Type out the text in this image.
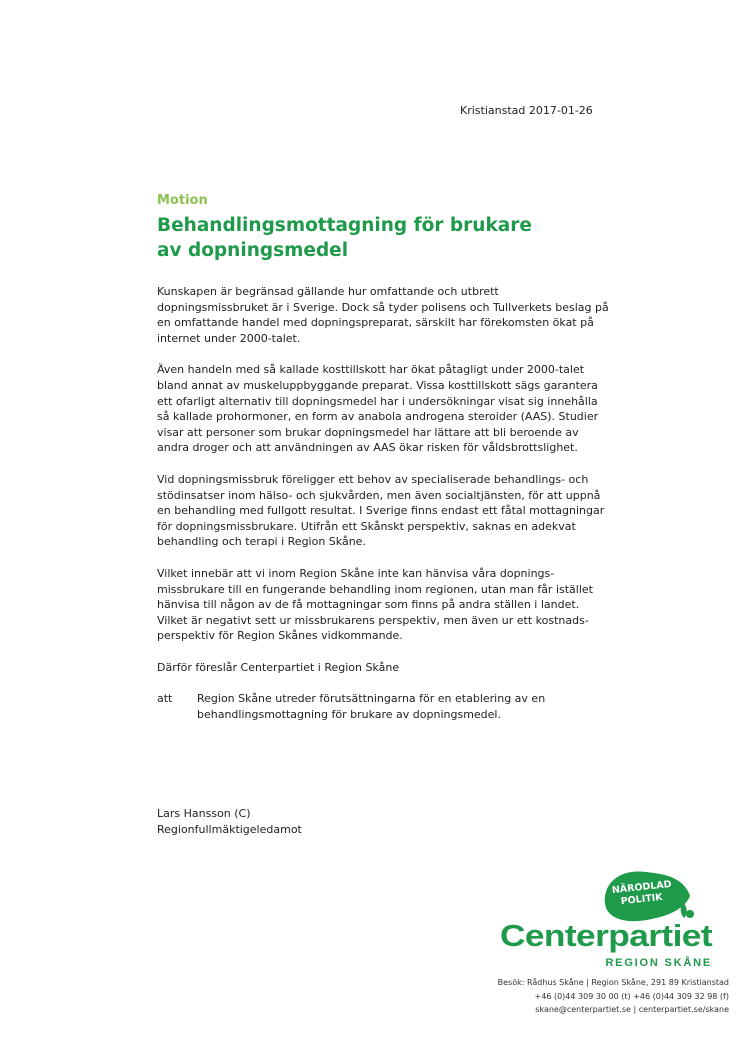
Kristianstad 2017-01-26
Motion
Behandlingsmottagning för brukare
av dopningsmedel

Kunskapen är begränsad gällande hur omfattande och utbrett dopningsmissbruket är i Sverige. Dock så tyder polisens och Tullverkets beslag på en omfattande handel med dopningspreparat, särskilt har förekomsten ökat på internet under 2000-talet.

Även handeln med så kallade kosttillskott har ökat påtagligt under 2000-talet bland annat av muskeluppbyggande preparat. Vissa kosttillskott sägs garantera ett ofarligt alternativ till dopningsmedel har i undersökningar visat sig innehålla så kallade prohormoner, en form av anabola androgena steroider (AAS). Studier visar att personer som brukar dopningsmedel har lättare att bli beroende av andra droger och att användningen av AAS ökar risken för våldsbrottslighet.

Vid dopningsmissbruk föreligger ett behov av specialiserade behandlings- och stödinsatser inom hälso- och sjukvården, men även socialtjänsten, för att uppnå en behandling med fullgott resultat. I Sverige finns endast ett fåtal mottagningar för dopningsmissbrukare. Utifrån ett Skånskt perspektiv, saknas en adekvat behandling och terapi i Region Skåne.

Vilket innebär att vi inom Region Skåne inte kan hänvisa våra dopnings-missbrukare till en fungerande behandling inom regionen, utan man får istället hänvisa till någon av de få mottagningar som finns på andra ställen i landet. Vilket är negativt sett ur missbrukarens perspektiv, men även ur ett kostnads-perspektiv för Region Skånes vidkommande.

Därför föreslår Centerpartiet i Region Skåne

att	Region Skåne utreder förutsättningarna för en etablering av en behandlingsmottagning för brukare av dopningsmedel.
Lars Hansson (C)
Regionfullmäktigeledamot
NÄRODLAD
POLITIK
Centerpartiet
REGION SKÅNE
Besök: Rådhus Skåne | Region Skåne, 291 89 Kristianstad
+46 (0)44 309 30 00 (t) +46 (0)44 309 32 98 (f)
skane@centerpartiet.se | centerpartiet.se/skane
